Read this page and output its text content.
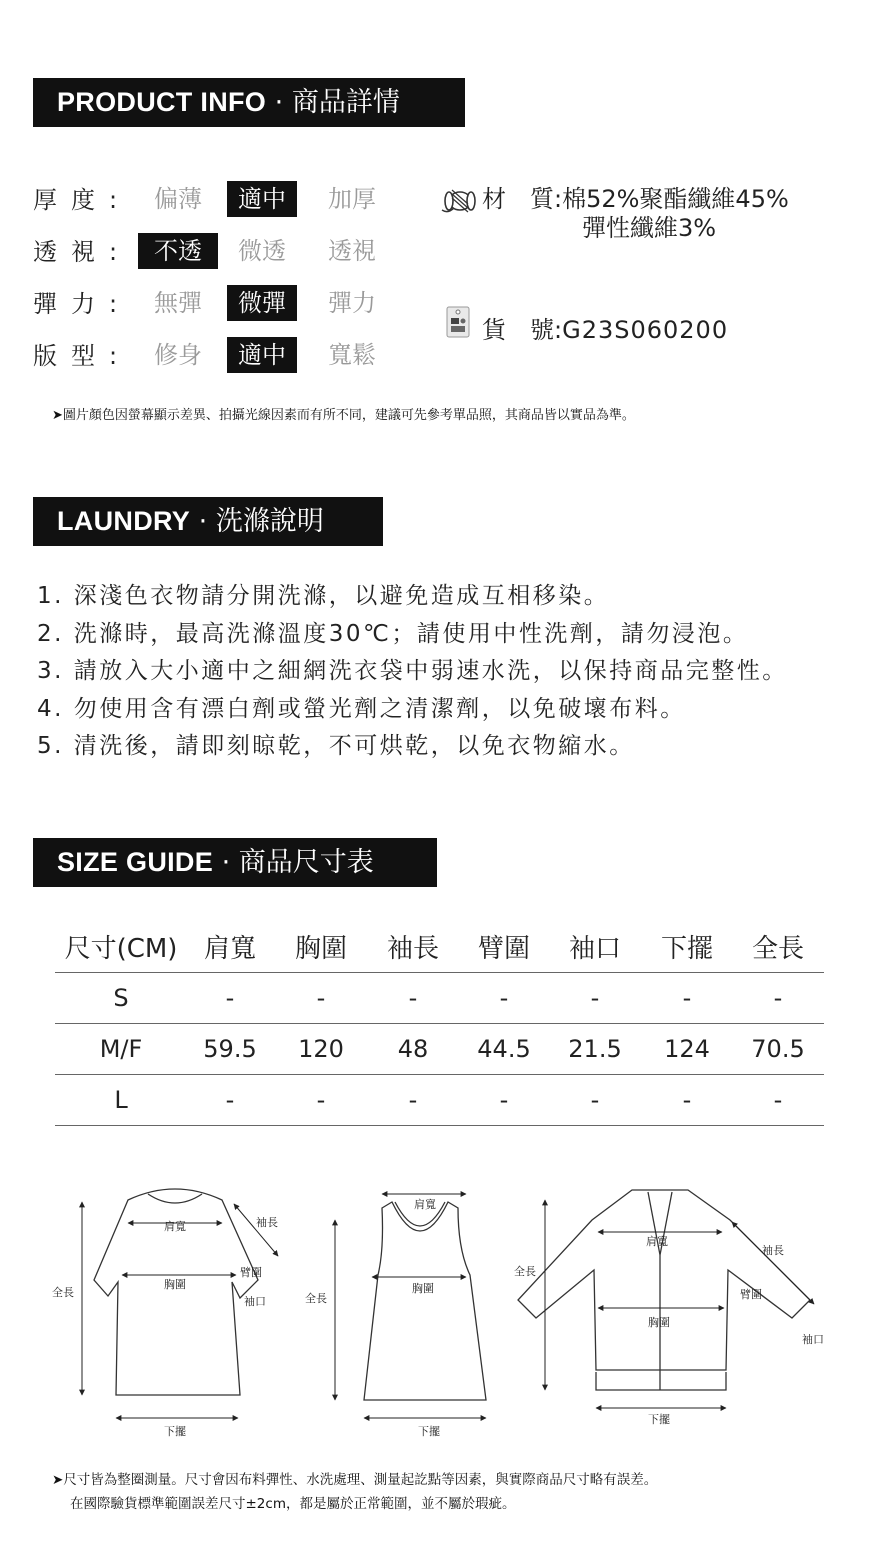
PRODUCT INFO · 商品詳情
厚度: 偏薄	適中	加厚
透視: 不透	微透	透視
彈力: 無彈	微彈	彈力
版型: 修身	適中	寬鬆
材　質:棉52%聚酯纖維45%
彈性纖維3%
貨　號:G23S060200
➤圖片顏色因螢幕顯示差異、拍攝光線因素而有所不同，建議可先參考單品照，其商品皆以實品為準。
LAUNDRY · 洗滌說明
1. 深淺色衣物請分開洗滌，以避免造成互相移染。
2. 洗滌時，最高洗滌溫度30℃；請使用中性洗劑，請勿浸泡。
3. 請放入大小適中之細網洗衣袋中弱速水洗，以保持商品完整性。
4. 勿使用含有漂白劑或螢光劑之清潔劑，以免破壞布料。
5. 清洗後，請即刻晾乾，不可烘乾，以免衣物縮水。
SIZE GUIDE · 商品尺寸表
尺寸(CM)	肩寬	胸圍	袖長	臂圍	袖口	下擺	全長
S	-	-	-	-	-	-	-
M/F	59.5	120	48	44.5	21.5	124	70.5
L	-	-	-	-	-	-	-
肩寬
胸圍
袖長
臂圍
袖口
全長
下擺
肩寬
胸圍
全長
下擺
肩寬
胸圍
全長
袖長
臂圍
袖口
下擺
➤尺寸皆為整圈測量。尺寸會因布料彈性、水洗處理、測量起訖點等因素，與實際商品尺寸略有誤差。
在國際驗貨標準範圍誤差尺寸±2cm，都是屬於正常範圍，並不屬於瑕疵。
